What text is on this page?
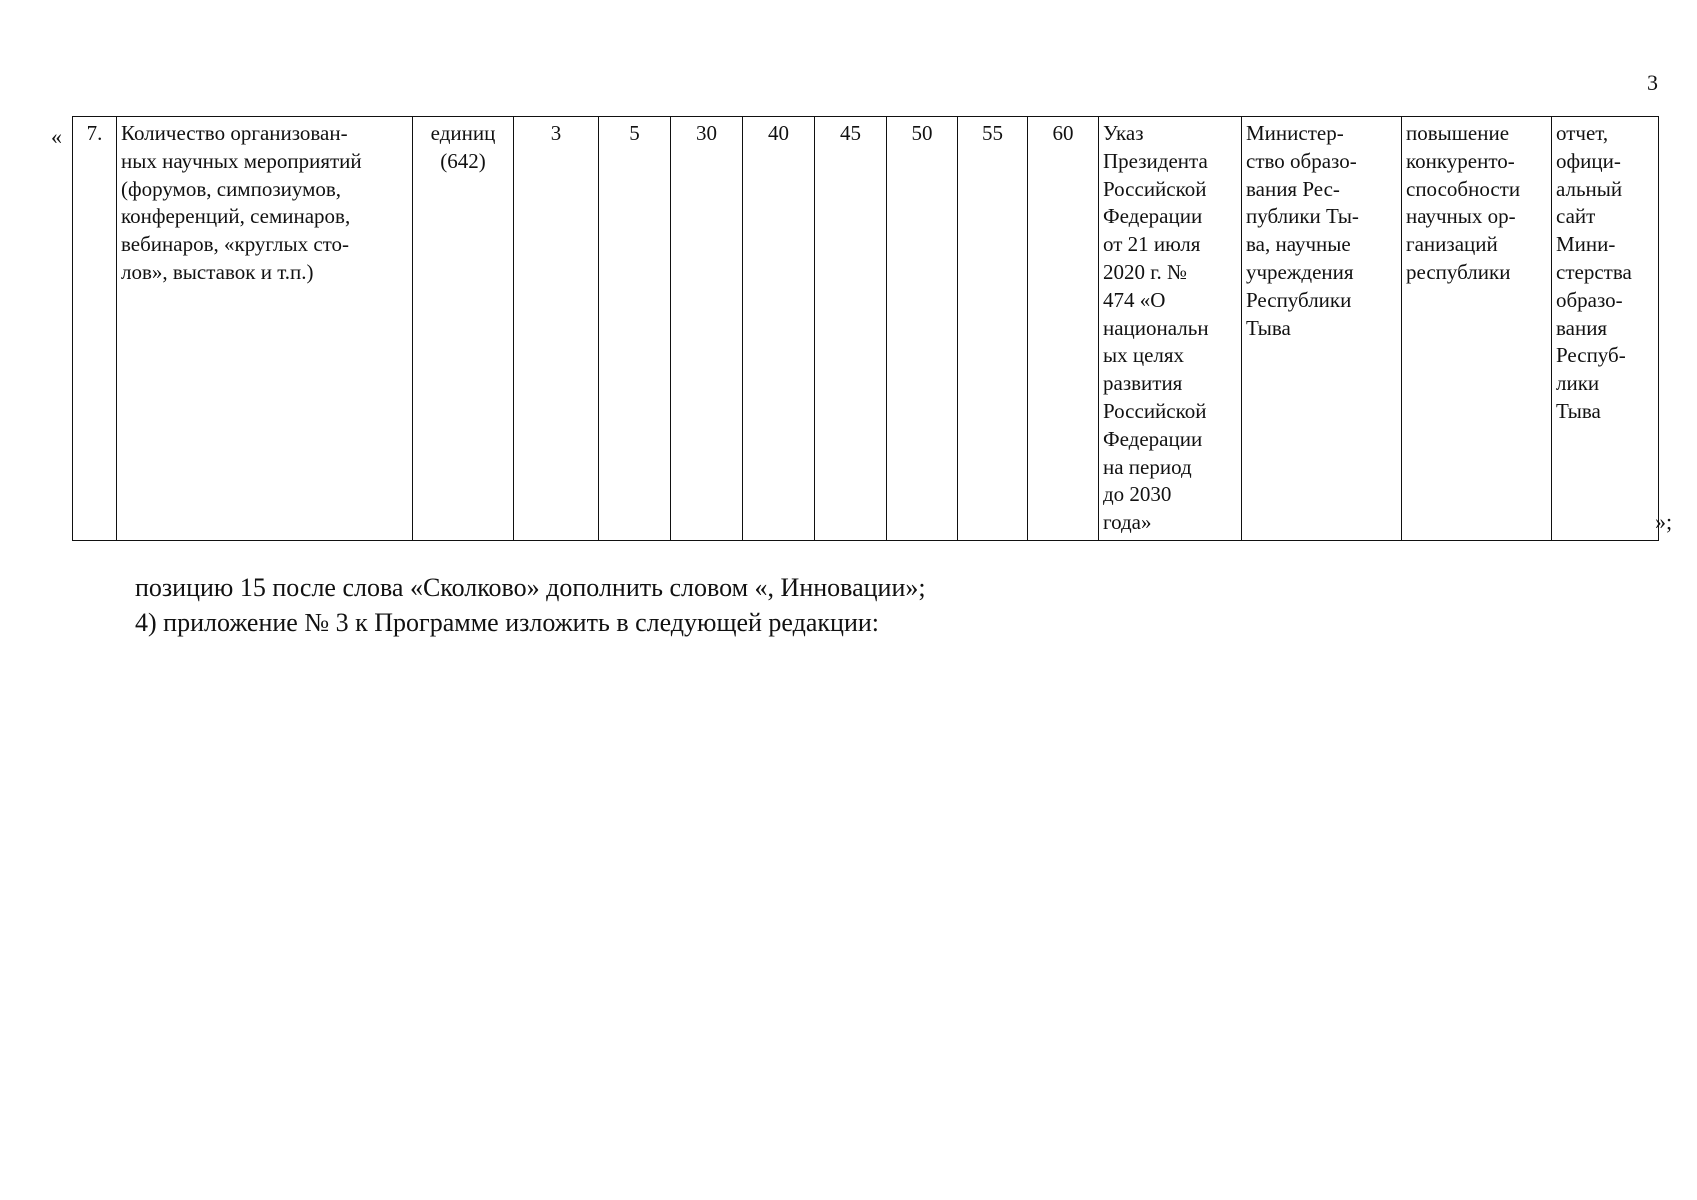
3
« 7.	Количество организован-
ных научных мероприятий
(форумов, симпозиумов,
конференций, семинаров,
вебинаров, «круглых сто-
лов», выставок и т.п.)	единиц
(642)	3	5	30	40	45	50	55	60	Указ
Президента
Российской
Федерации
от 21 июля
2020 г. №
474 «О
национальн
ых целях
развития
Российской
Федерации
на период
до 2030
года»	Министер-
ство образо-
вания Рес-
публики Ты-
ва, научные
учреждения
Республики
Тыва	повышение
конкуренто-
способности
научных ор-
ганизаций
республики	отчет,
офици-
альный
сайт
Мини-
стерства
образо-
вания
Респуб-
лики
Тыва
»;

позицию 15 после слова «Сколково» дополнить словом «, Инновации»;

4) приложение № 3 к Программе изложить в следующей редакции:
